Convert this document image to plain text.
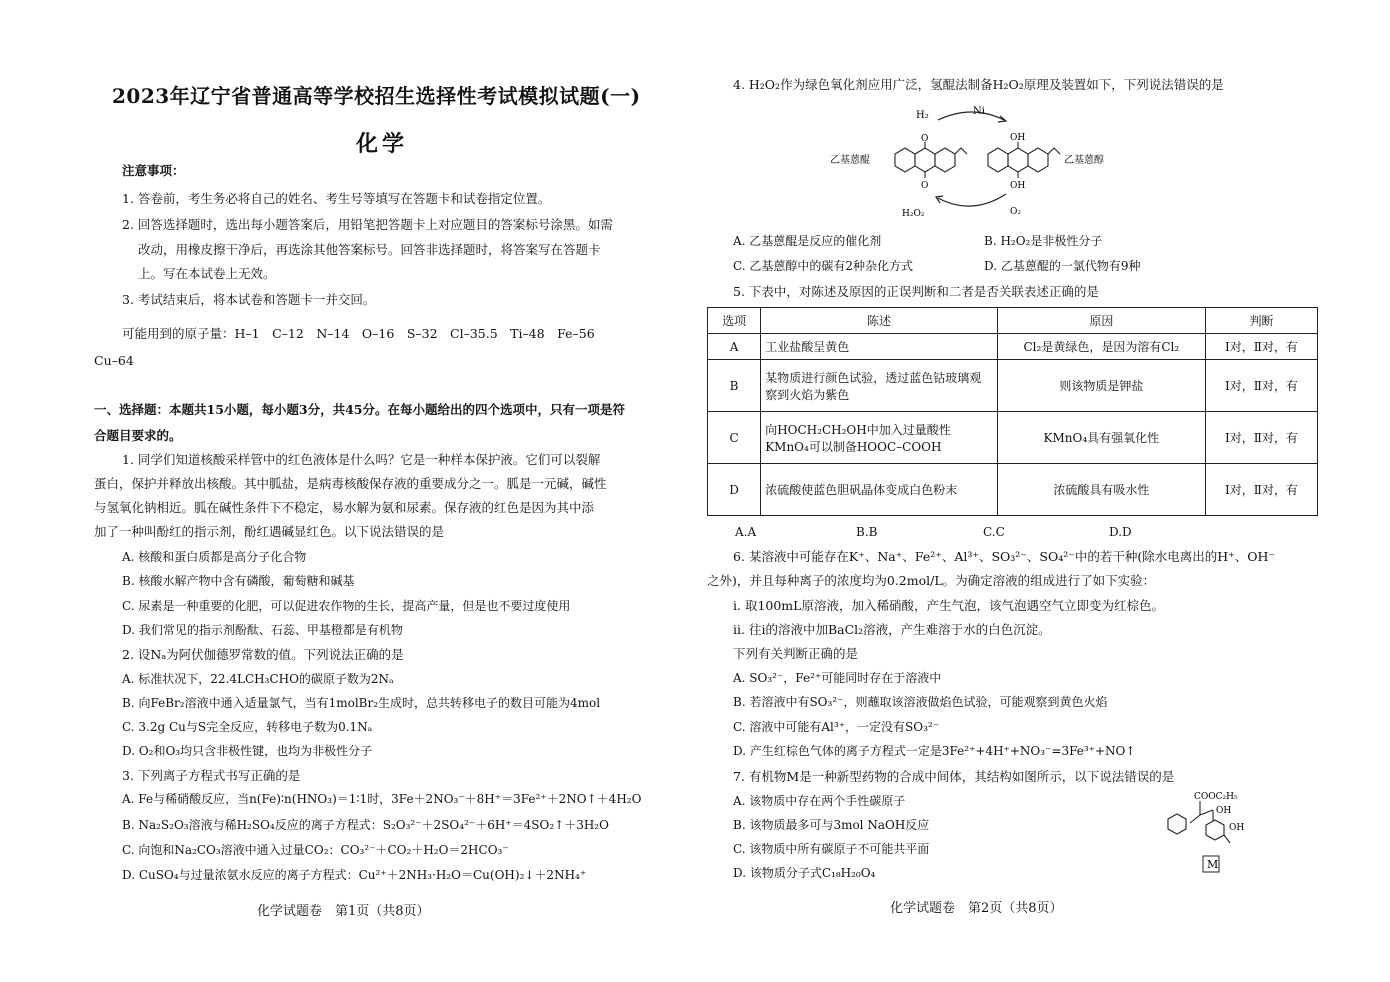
2023年辽宁省普通高等学校招生选择性考试模拟试题(一)
化学
注意事项：
1. 答卷前，考生务必将自己的姓名、考生号等填写在答题卡和试卷指定位置。
2. 回答选择题时，选出每小题答案后，用铅笔把答题卡上对应题目的答案标号涂黑。如需
改动，用橡皮擦干净后，再选涂其他答案标号。回答非选择题时，将答案写在答题卡
上。写在本试卷上无效。
3. 考试结束后，将本试卷和答题卡一并交回。
可能用到的原子量：H–1　C–12　N–14　O–16　S–32　Cl–35.5　Ti–48　Fe–56
Cu–64
一、选择题：本题共15小题，每小题3分，共45分。在每小题给出的四个选项中，只有一项是符
合题目要求的。
1. 同学们知道核酸采样管中的红色液体是什么吗？它是一种样本保护液。它们可以裂解
蛋白，保护并释放出核酸。其中胍盐，是病毒核酸保存液的重要成分之一。胍是一元碱，碱性
与氢氧化钠相近。胍在碱性条件下不稳定，易水解为氨和尿素。保存液的红色是因为其中添
加了一种叫酚红的指示剂，酚红遇碱显红色。以下说法错误的是
A. 核酸和蛋白质都是高分子化合物
B. 核酸水解产物中含有磷酸，葡萄糖和碱基
C. 尿素是一种重要的化肥，可以促进农作物的生长，提高产量，但是也不要过度使用
D. 我们常见的指示剂酚酞、石蕊、甲基橙都是有机物
2. 设Nₐ为阿伏伽德罗常数的值。下列说法正确的是
A. 标准状况下，22.4LCH₃CHO的碳原子数为2Nₐ
B. 向FeBr₂溶液中通入适量氯气，当有1molBr₂生成时，总共转移电子的数目可能为4mol
C. 3.2g Cu与S完全反应，转移电子数为0.1Nₐ
D. O₂和O₃均只含非极性键，也均为非极性分子
3. 下列离子方程式书写正确的是
A. Fe与稀硝酸反应，当n(Fe)∶n(HNO₃)＝1∶1时，3Fe＋2NO₃⁻＋8H⁺＝3Fe²⁺＋2NO↑＋4H₂O
B. Na₂S₂O₃溶液与稀H₂SO₄反应的离子方程式：S₂O₃²⁻＋2SO₄²⁻＋6H⁺＝4SO₂↑＋3H₂O
C. 向饱和Na₂CO₃溶液中通入过量CO₂：CO₃²⁻＋CO₂＋H₂O＝2HCO₃⁻
D. CuSO₄与过量浓氨水反应的离子方程式：Cu²⁺＋2NH₃·H₂O＝Cu(OH)₂↓＋2NH₄⁺
化学试题卷　第1页（共8页）
4. H₂O₂作为绿色氧化剂应用广泛，氢醌法制备H₂O₂原理及装置如下，下列说法错误的是
H₂	Ni
O
O
乙基蒽醌
OH
OH
乙基蒽醇
H₂O₂	O₂
A. 乙基蒽醌是反应的催化剂	B. H₂O₂是非极性分子
C. 乙基蒽醇中的碳有2种杂化方式	D. 乙基蒽醌的一氯代物有9种
5. 下表中，对陈述及原因的正误判断和二者是否关联表述正确的是
选项	陈述	原因	判断
A	工业盐酸呈黄色	Cl₂是黄绿色，是因为溶有Cl₂	Ⅰ对，Ⅱ对，有
B	某物质进行颜色试验，透过蓝色钴玻璃观察到火焰为紫色	则该物质是钾盐	Ⅰ对，Ⅱ对，有
C	向HOCH₂CH₂OH中加入过量酸性KMnO₄可以制备HOOC–COOH	KMnO₄具有强氧化性	Ⅰ对，Ⅱ对，有
D	浓硫酸使蓝色胆矾晶体变成白色粉末	浓硫酸具有吸水性	Ⅰ对，Ⅱ对，有
A.A	B.B	C.C	D.D
6. 某溶液中可能存在K⁺、Na⁺、Fe²⁺、Al³⁺、SO₃²⁻、SO₄²⁻中的若干种(除水电离出的H⁺、OH⁻
之外)，并且每种离子的浓度均为0.2mol/L。为确定溶液的组成进行了如下实验：
ⅰ. 取100mL原溶液，加入稀硝酸，产生气泡，该气泡遇空气立即变为红棕色。
ⅱ. 往ⅰ的溶液中加BaCl₂溶液，产生难溶于水的白色沉淀。
下列有关判断正确的是
A. SO₃²⁻，Fe²⁺可能同时存在于溶液中
B. 若溶液中有SO₃²⁻，则蘸取该溶液做焰色试验，可能观察到黄色火焰
C. 溶液中可能有Al³⁺，一定没有SO₃²⁻
D. 产生红棕色气体的离子方程式一定是3Fe²⁺+4H⁺+NO₃⁻=3Fe³⁺+NO↑
7. 有机物M是一种新型药物的合成中间体，其结构如图所示，以下说法错误的是
A. 该物质中存在两个手性碳原子
B. 该物质最多可与3mol NaOH反应
C. 该物质中所有碳原子不可能共平面
D. 该物质分子式C₁₈H₂₀O₄
COOC₂H₅
OH
OH
M
化学试题卷　第2页（共8页）
